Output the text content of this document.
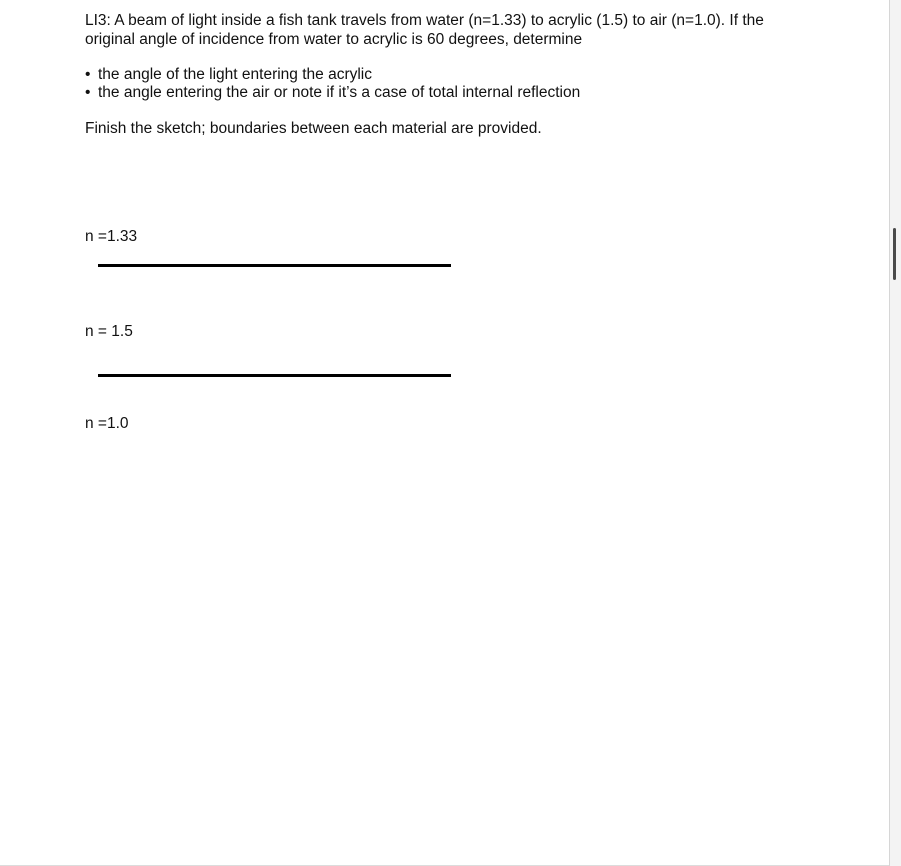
LI3: A beam of light inside a fish tank travels from water (n=1.33) to acrylic (1.5) to air (n=1.0). If the original angle of incidence from water to acrylic is 60 degrees, determine

• the angle of the light entering the acrylic
• the angle entering the air or note if it’s a case of total internal reflection

Finish the sketch; boundaries between each material are provided.

n =1.33
n = 1.5
n =1.0
